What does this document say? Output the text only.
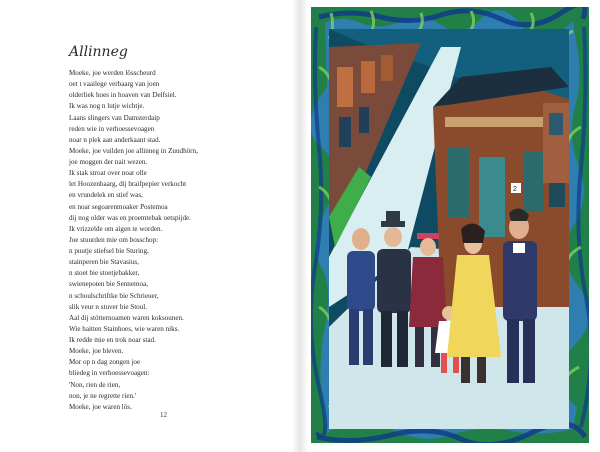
Allinneg
Moeke, joe werden lösscheurd
oet t vaailege verbaarg van joen
olderliek hoes in hoaven van Delfsiel.
Ik was nog n lutje wichtje.
Laans slingers van Damsterdaip
reden wie in verhoessevoagen
noar n plek aan anderkaant stad.
Moeke, joe vuilden joe allinneg in Zuudhörn,
joe moggen der nait wezen.
Ik stak stroat over noar olle
let Hoozenbaarg, dij braifpepier verkocht
en vrundelek en stief was,
en noar segoarenmoaker Postemoa
dij nog older was en proemtebak oetspijde.
Ik vrizzelde om aigen te worden.
Joe stuurden mie om bosschop:
n puutje stiefsel bie Sturing,
stainperen bie Stavasius,
n stoet bie stoetjebakker,
swienepoten bie Sennemoa,
n schoulschriftke bie Schrieuer,
slik veur n stuver bie Stoul.
Aal dij stötternoamen waren koksounen.
Wie haitten Stainhoes, wie waren niks.
Ik redde mie en trok noar stad.
Moeke, joe bleven.
Mor op n dag zongen joe
bliedeg in verhoessevoagen:
'Non, rien de rien,
non, je ne regrette rien.'
Moeke, joe waren lös.
12
2
